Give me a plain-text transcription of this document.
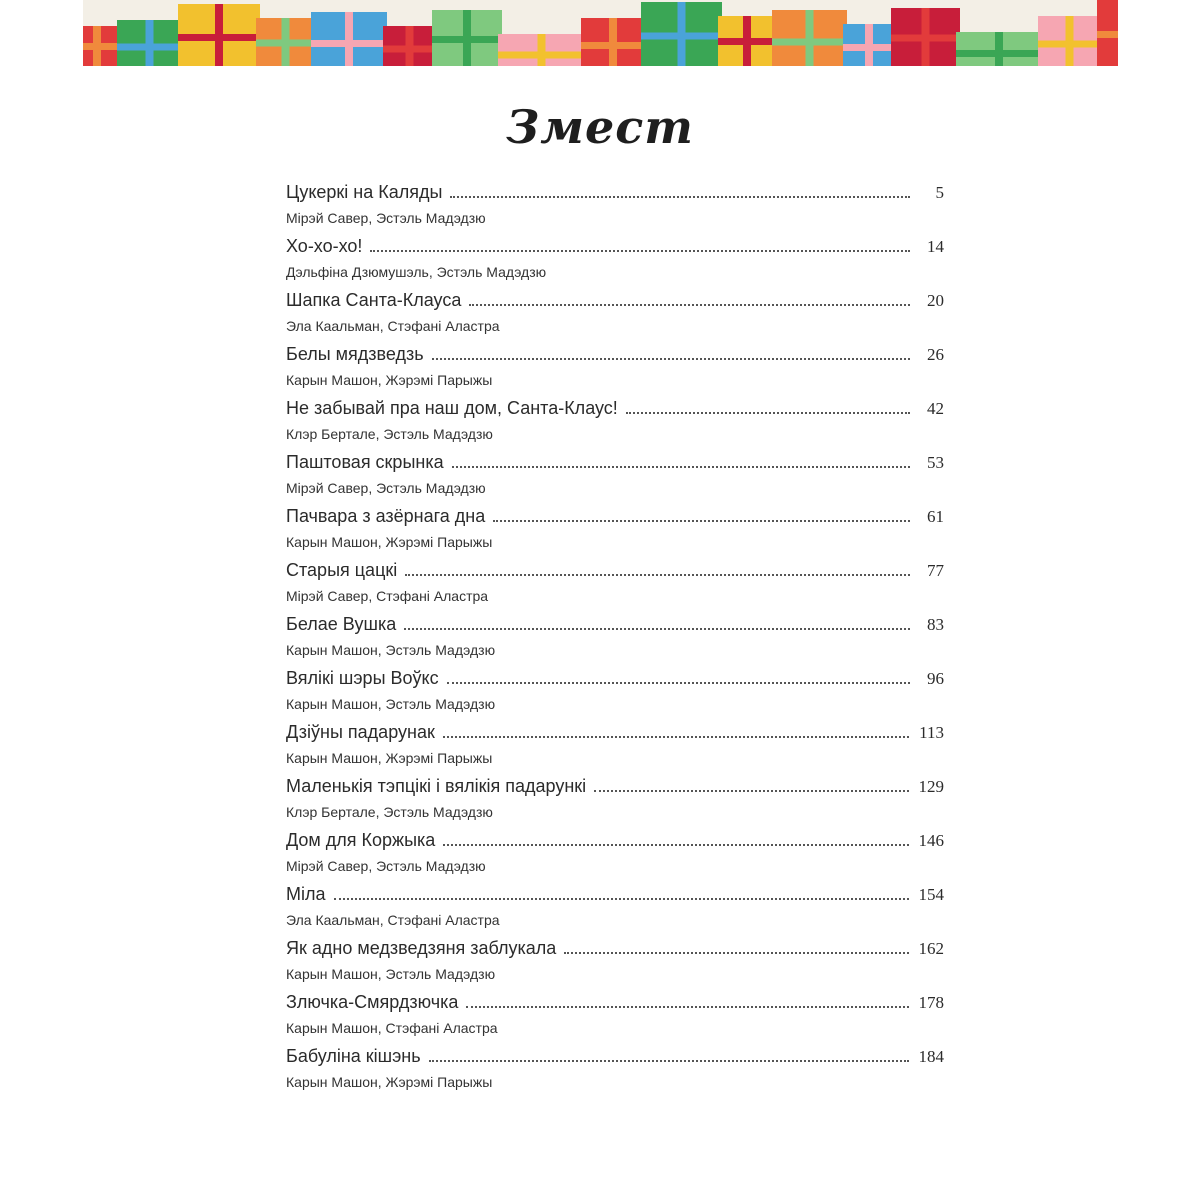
Змест
Цукеркі на Каляды	5
Мірэй Савер, Эстэль Мадэдзю
Хо-хо-хо!	14
Дэльфіна Дзюмушэль, Эстэль Мадэдзю
Шапка Санта-Клауса	20
Эла Каальман, Стэфані Аластра
Белы мядзведзь	26
Карын Машон, Жэрэмі Парыжы
Не забывай пра наш дом, Санта-Клаус!	42
Клэр Бертале, Эстэль Мадэдзю
Паштовая скрынка	53
Мірэй Савер, Эстэль Мадэдзю
Пачвара з азёрнага дна	61
Карын Машон, Жэрэмі Парыжы
Старыя цацкі	77
Мірэй Савер, Стэфані Аластра
Белае Вушка	83
Карын Машон, Эстэль Мадэдзю
Вялікі шэры Воўкс	96
Карын Машон, Эстэль Мадэдзю
Дзіўны падарунак	113
Карын Машон, Жэрэмі Парыжы
Маленькія тэпцікі і вялікія падарункі	129
Клэр Бертале, Эстэль Мадэдзю
Дом для Коржыка	146
Мірэй Савер, Эстэль Мадэдзю
Міла	154
Эла Каальман, Стэфані Аластра
Як адно медзведзяня заблукала	162
Карын Машон, Эстэль Мадэдзю
Злючка-Смярдзючка	178
Карын Машон, Стэфані Аластра
Бабуліна кішэнь	184
Карын Машон, Жэрэмі Парыжы
